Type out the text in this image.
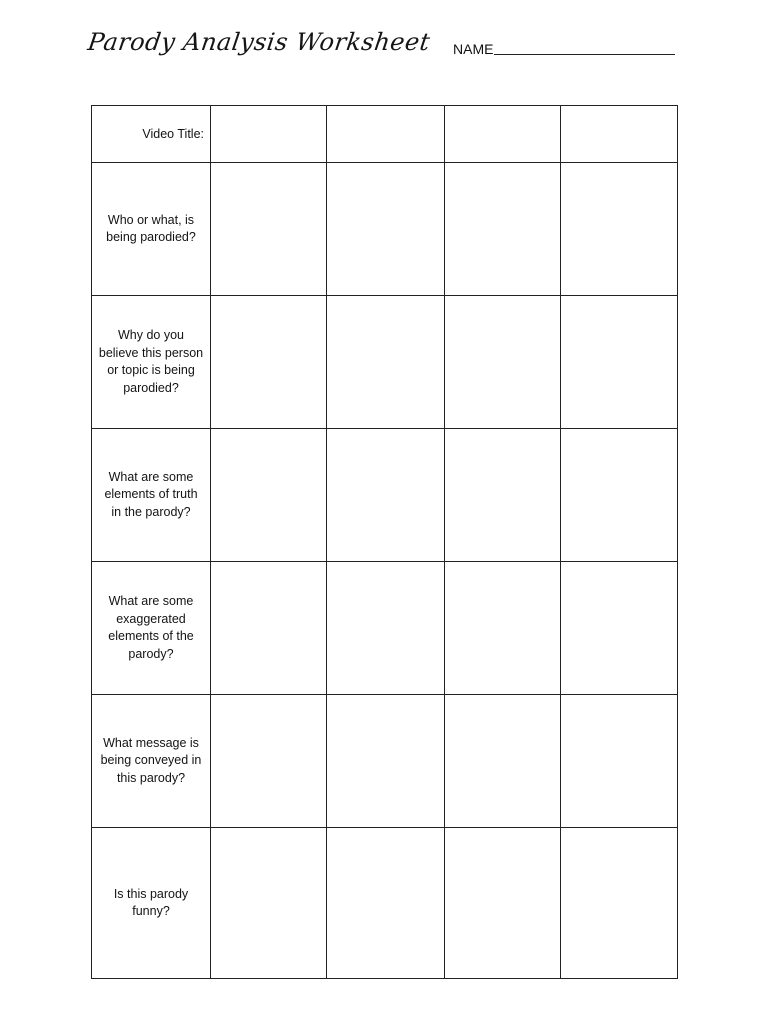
Parody Analysis Worksheet NAME
Video Title:				

Who or what, is being parodied?				

Why do you believe this person or topic is being parodied?				

What are some elements of truth in the parody?				

What are some exaggerated elements of the parody?				

What message is being conveyed in this parody?				

Is this parody funny?				
